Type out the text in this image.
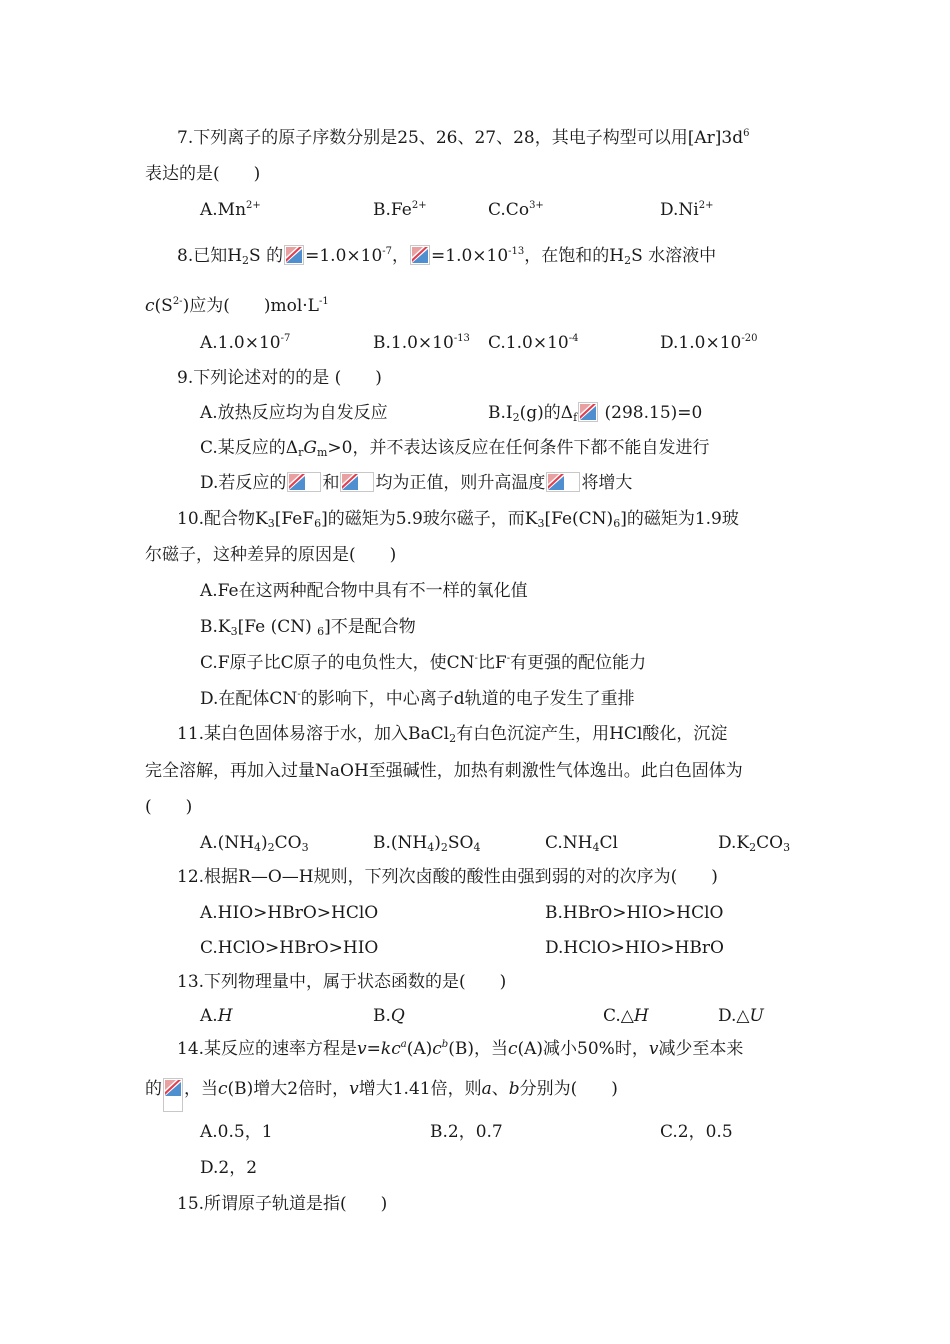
7.下列离子的原子序数分别是25、26、27、28，其电子构型可以用$[Ar]3d^6$
表达的是(　　)
$A.Mn^{2+}$	$B.Fe^{2+}$	$C.Co^{3+}$	$D.Ni^{2+}$
8.已知$H_2S$ 的 $=1.0\times 10^{-7}$， $=1.0\times 10^{-13}$，在饱和的$H_2S$ 水溶液中
$c(S^{2-})$应为(　　)$mol\cdot L^{-1}$
$A.1.0\times 10^{-7}$	$B.1.0\times 10^{-13}$ $C.1.0\times 10^{-4}$	$D.1.0\times 10^{-20}$
9.下列论述对的的是 (　　)
A.放热反应均为自发反应	$B.I_2(g)$的$\Delta_f$
(298.15)=0
C.某反应的$\Delta_rG_m>0$，并不表达该反应在任何条件下都不能自发进行
D.若反应的 和 均为正值，则升高温度 将增大
10.配合物$K_3[FeF_6]$的磁矩为5.9玻尔磁子，而$K_3[Fe(CN)_6]$的磁矩为1.9玻
尔磁子，这种差异的原因是(　　)
A.Fe在这两种配合物中具有不一样的氧化值
$B.K_3[Fe$ (CN) $_6$]不是配合物
C.F原子比C原子的电负性大，使CN-比F-有更强的配位能力
D.在配体CN-的影响下，中心离子d轨道的电子发生了重排
11.某白色固体易溶于水，加入BaCl$_2$有白色沉淀产生，用HCl酸化，沉淀
完全溶解，再加入过量NaOH至强碱性，加热有刺激性气体逸出。此白色固体为
(　　)
$A.(NH_4)_2CO_3$	$B.(NH_4)_2SO_4$	$C.NH_4Cl$	$D.K_2CO_3$
12.根据R—O—H规则，下列次卤酸的酸性由强到弱的对的次序为(　　)
A.HIO>HBrO>HClO	B.HBrO>HIO>HClO
C.HClO>HBrO>HIO	D.HClO>HIO>HBrO
13.下列物理量中，属于状态函数的是(　　)
A.H	B.Q	C.△H	D.△U
14.某反应的速率方程是$v=kc^a(A)c^b(B)$，当c(A)减小50%时，v减少至本来
的 ，当c(B)增大2倍时，v增大1.41倍，则a、b分别为(　　)
A.0.5，1	B.2，0.7	C.2，0.5
D.2，2
15.所谓原子轨道是指(　　)
